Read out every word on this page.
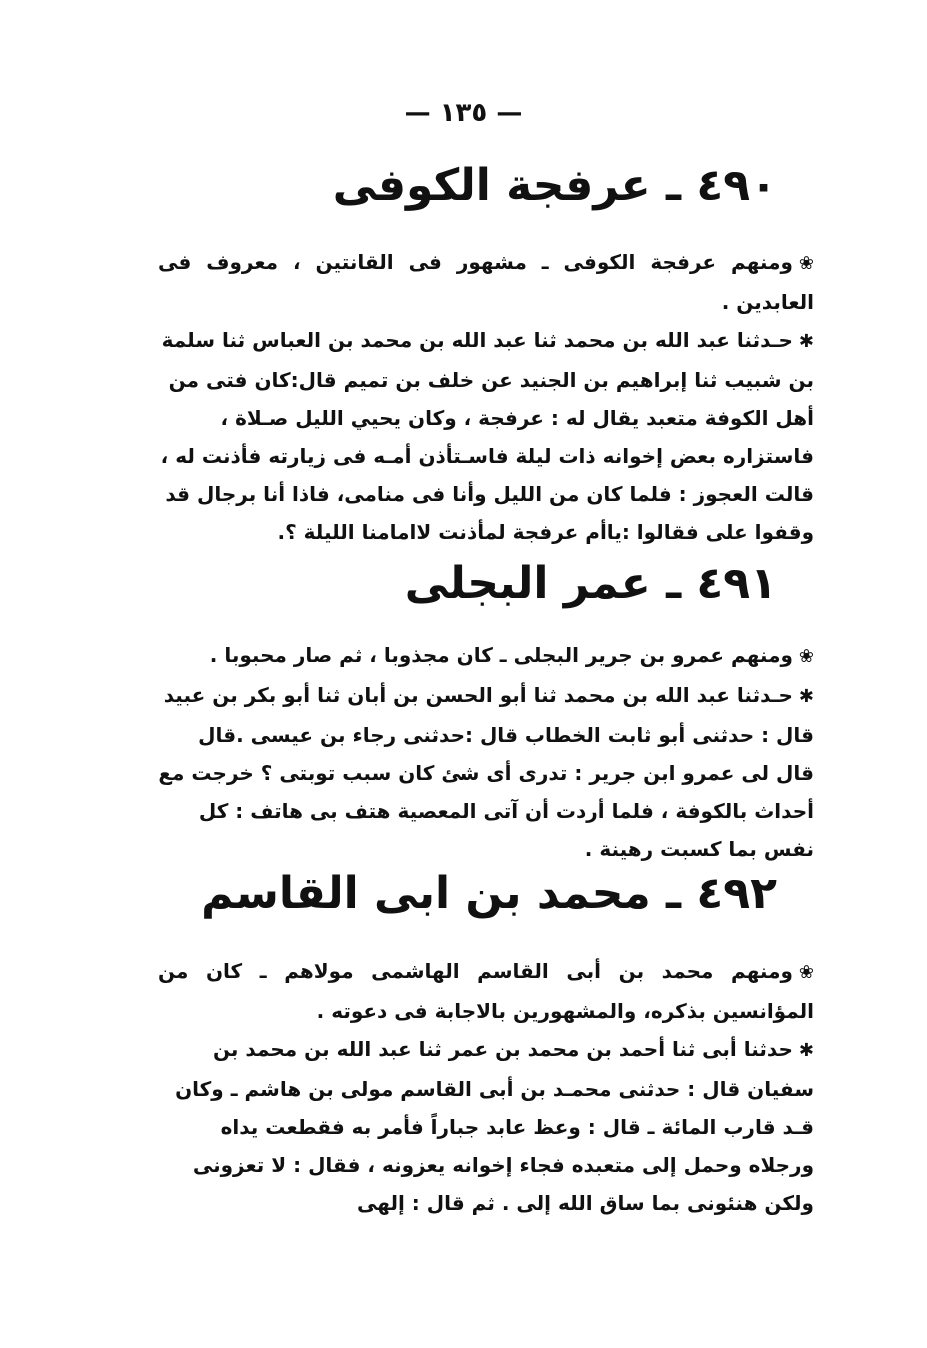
— ١٣٥ —
٤٩٠ ـ عرفجة الكوفى

❀ومنهم عرفجة الكوفى ـ مشهور فى القانتين ، معروف فى العابدين .

✱حـدثنا عبد الله بن محمد ثنا عبد الله بن محمد بن العباس ثنا سلمة بن شبيب ثنا إبراهيم بن الجنيد عن خلف بن تميم قال:كان فتى من أهل الكوفة متعبد يقال له : عرفجة ، وكان يحيي الليل صـلاة ، فاستزاره بعض إخوانه ذات ليلة فاسـتأذن أمـه فى زيارته فأذنت له ، قالت العجوز : فلما كان من الليل وأنا فى منامى، فاذا أنا برجال قد وقفوا على فقالوا :ياأم عرفجة لمأذنت لاامامنا الليلة ؟.

٤٩١ ـ عمر البجلى

❀ومنهم عمرو بن جرير البجلى ـ كان مجذوبا ، ثم صار محبوبا .

✱حـدثنا عبد الله بن محمد ثنا أبو الحسن بن أبان ثنا أبو بكر بن عبيد قال : حدثنى أبو ثابت الخطاب قال :حدثنى رجاء بن عيسى .قال قال لى عمرو ابن جرير : تدرى أى شئ كان سبب توبتى ؟ خرجت مع أحداث بالكوفة ، فلما أردت أن آتى المعصية هتف بى هاتف : كل نفس بما كسبت رهينة .

٤٩٢ ـ محمد بن ابى القاسم

❀ومنهم محمد بن أبى القاسم الهاشمى مولاهم ـ كان من المؤانسين بذكره، والمشهورين بالاجابة فى دعوته .

✱حدثنا أبى ثنا أحمد بن محمد بن عمر ثنا عبد الله بن محمد بن سفيان قال : حدثنى محمـد بن أبى القاسم مولى بن هاشم ـ وكان قـد قارب المائة ـ قال : وعظ عابد جباراً فأمر به فقطعت يداه ورجلاه وحمل إلى متعبده فجاء إخوانه يعزونه ، فقال : لا تعزونى ولكن هنئونى بما ساق الله إلى . ثم قال : إلهى
